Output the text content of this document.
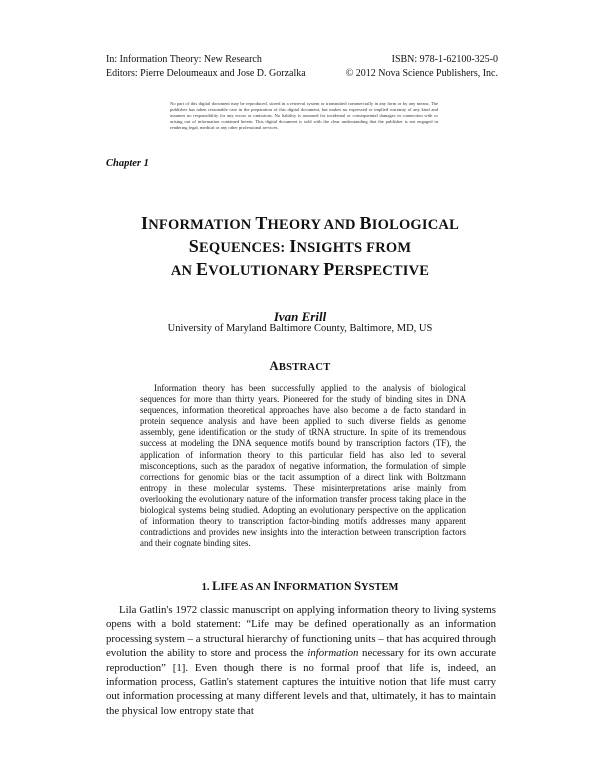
In: Information Theory: New Research
Editors: Pierre Deloumeaux and Jose D. Gorzalka
ISBN: 978-1-62100-325-0
© 2012 Nova Science Publishers, Inc.
No part of this digital document may be reproduced, stored in a retrieval system or transmitted commercially in any form or by any means. The publisher has taken reasonable care in the preparation of this digital document, but makes no expressed or implied warranty of any kind and assumes no responsibility for any errors or omissions. No liability is assumed for incidental or consequential damages in connection with or arising out of information contained herein. This digital document is sold with the clear understanding that the publisher is not engaged in rendering legal, medical or any other professional services.
Chapter 1
INFORMATION THEORY AND BIOLOGICAL
SEQUENCES: INSIGHTS FROM
AN EVOLUTIONARY PERSPECTIVE
Ivan Erill
University of Maryland Baltimore County, Baltimore, MD, US
ABSTRACT

Information theory has been successfully applied to the analysis of biological sequences for more than thirty years. Pioneered for the study of binding sites in DNA sequences, information theoretical approaches have also become a de facto standard in protein sequence analysis and have been applied to such diverse fields as genome assembly, gene identification or the study of tRNA structure. In spite of its tremendous success at modeling the DNA sequence motifs bound by transcription factors (TF), the application of information theory to this particular field has also led to several misconceptions, such as the paradox of negative information, the formulation of simple corrections for genomic bias or the tacit assumption of a direct link with Boltzmann entropy in these molecular systems. These misinterpretations arise mainly from overlooking the evolutionary nature of the information transfer process taking place in the biological systems being studied. Adopting an evolutionary perspective on the application of information theory to transcription factor-binding motifs addresses many apparent contradictions and provides new insights into the interaction between transcription factors and their cognate binding sites.

1. LIFE AS AN INFORMATION SYSTEM

Lila Gatlin's 1972 classic manuscript on applying information theory to living systems opens with a bold statement: “Life may be defined operationally as an information processing system – a structural hierarchy of functioning units – that has acquired through evolution the ability to store and process the information necessary for its own accurate reproduction” [1]. Even though there is no formal proof that life is, indeed, an information process, Gatlin's statement captures the intuitive notion that life must carry out information processing at many different levels and that, ultimately, it has to maintain the physical low entropy state that
